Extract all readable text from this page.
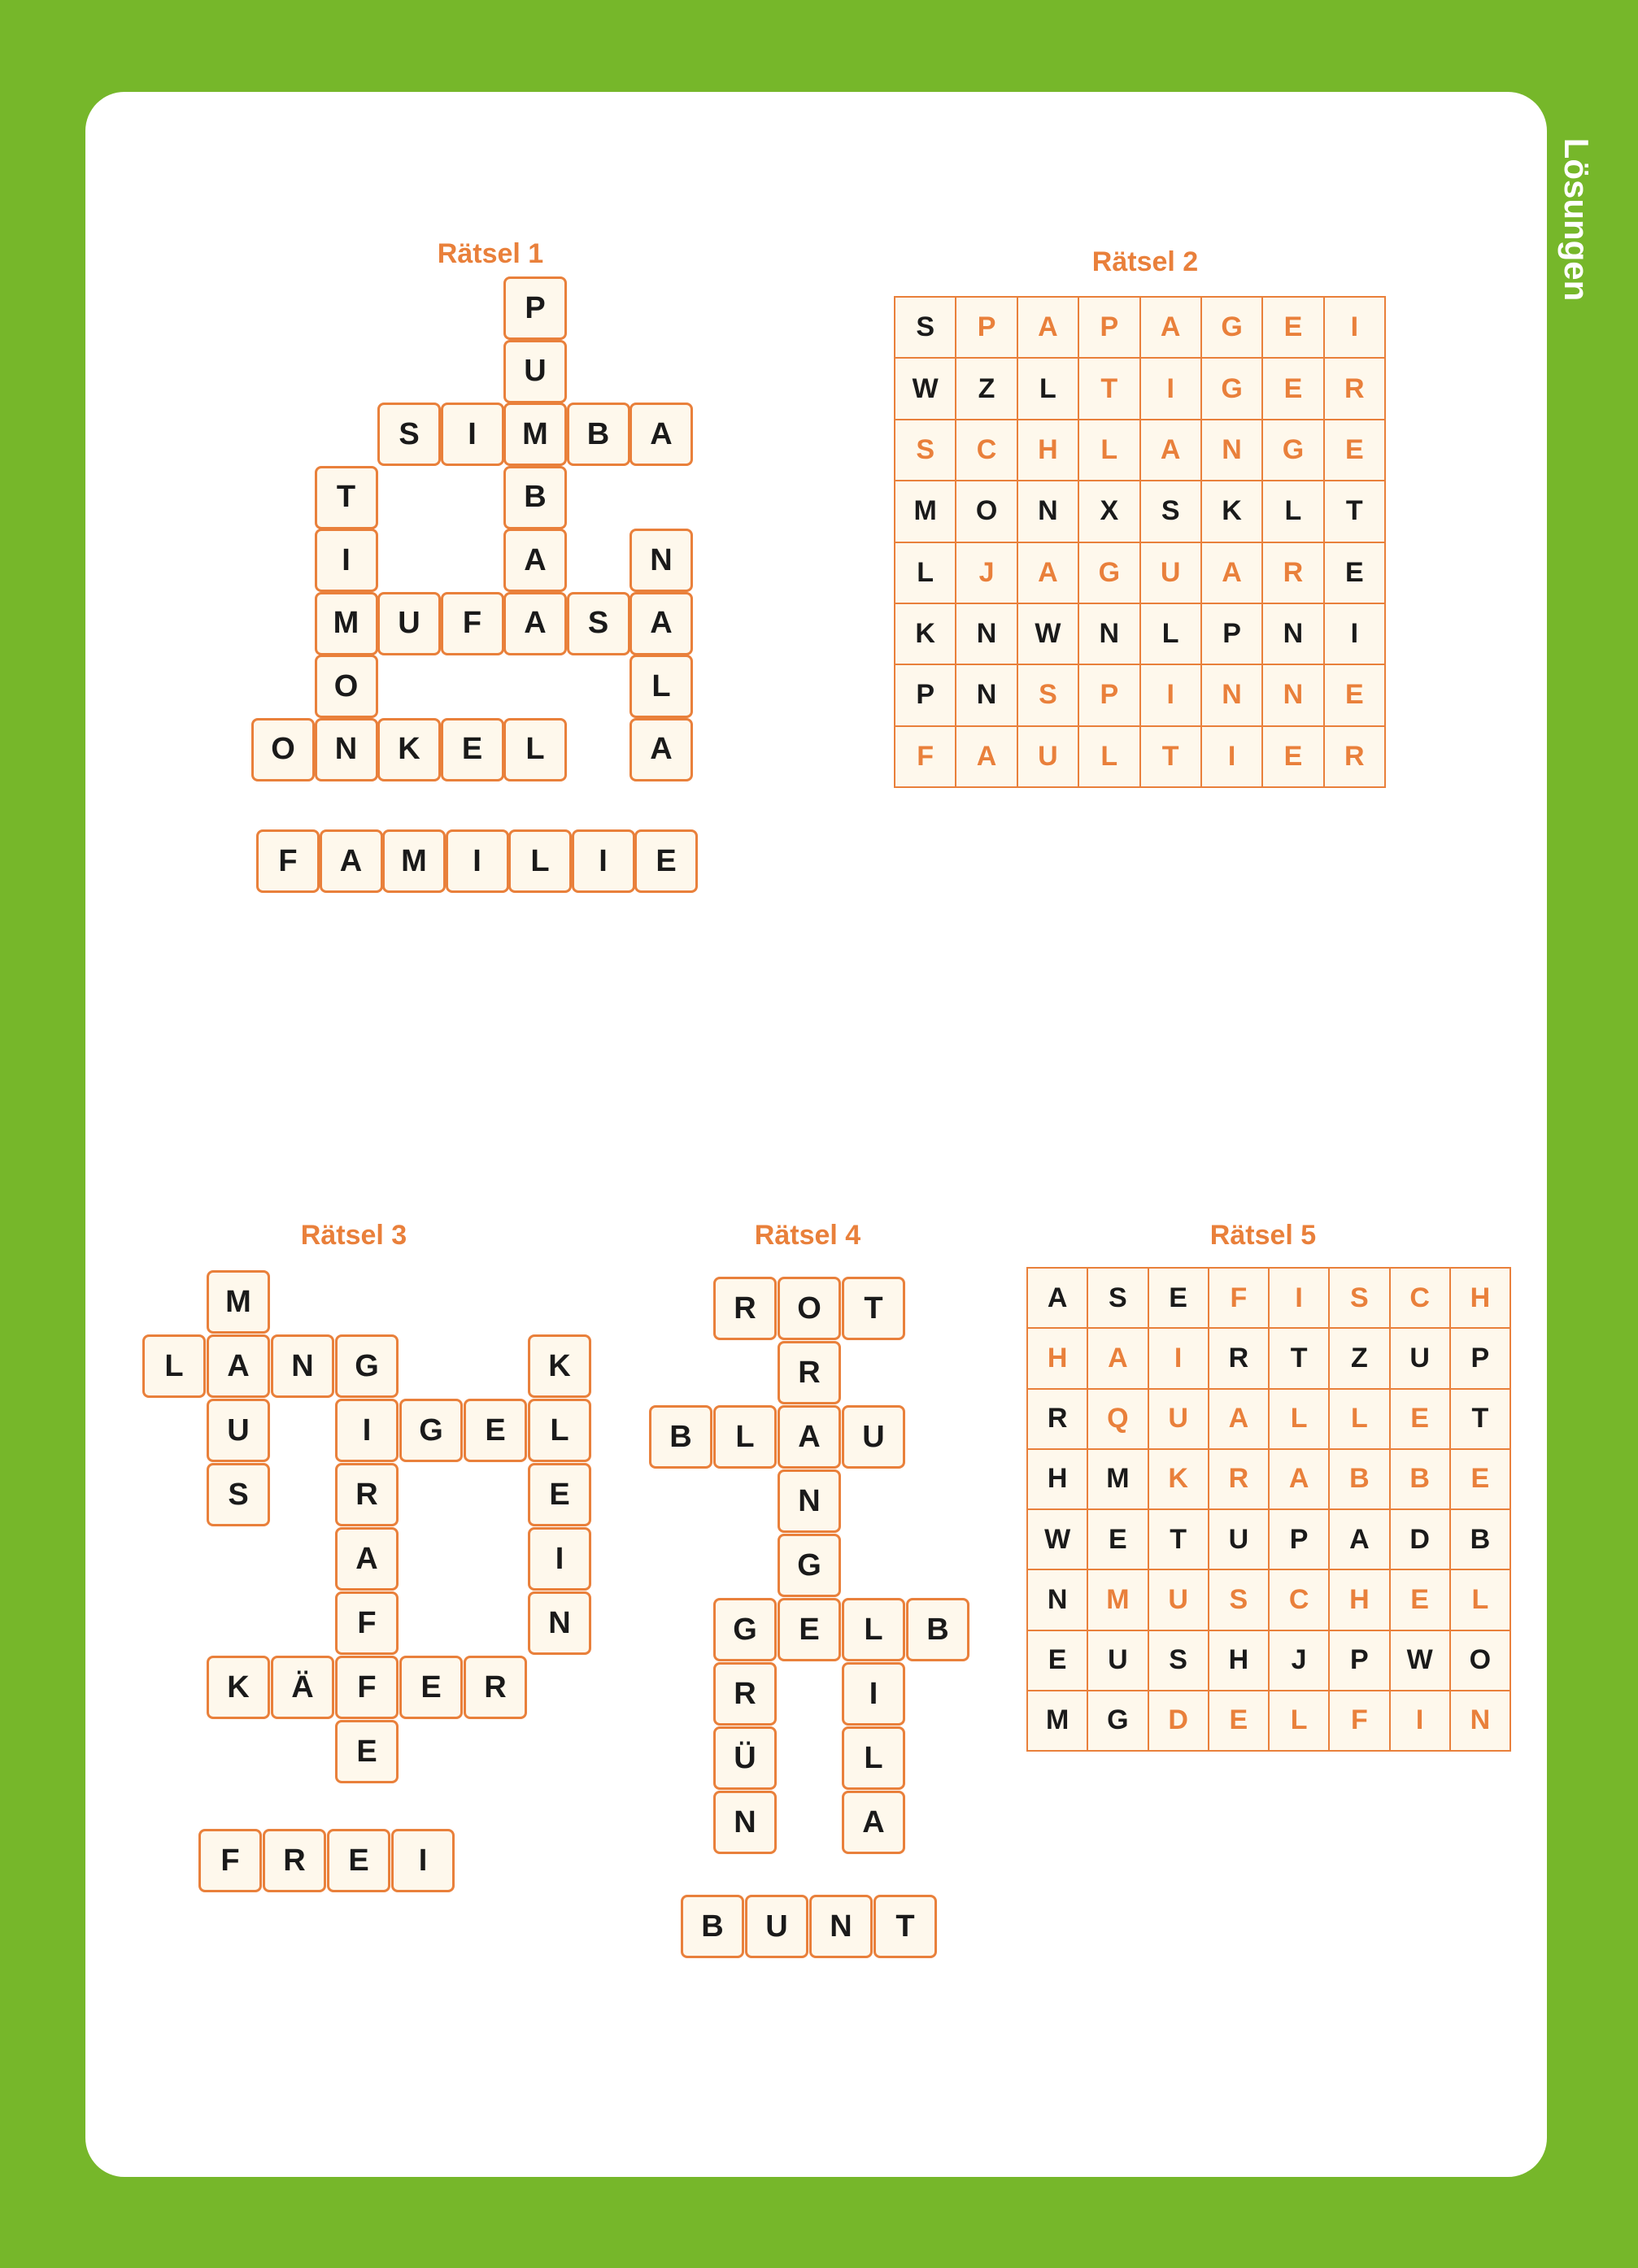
Lösungen
Rätsel 1
P
U
S	I	M	B	A
T	B
I	A	N
M	U	F	A	S	A
O	L
O	N	K	E	L	A
F	A	M	I	L	I	E
Rätsel 2
S	P	A	P	A	G	E	I
W	Z	L	T	I	G	E	R
S	C	H	L	A	N	G	E
M	O	N	X	S	K	L	T
L	J	A	G	U	A	R	E
K	N	W	N	L	P	N	I
P	N	S	P	I	N	N	E
F	A	U	L	T	I	E	R
Rätsel 3
M
L	A	N	G	K
U	I	G	E	L
S	R	E
A	I
F	N
K	Ä	F	E	R
E
F	R	E	I
Rätsel 4
R	O	T
R
B	L	A	U
N
G
G	E	L	B
R	I
Ü	L
N	A
B	U	N	T
Rätsel 5
A	S	E	F	I	S	C	H
H	A	I	R	T	Z	U	P
R	Q	U	A	L	L	E	T
H	M	K	R	A	B	B	E
W	E	T	U	P	A	D	B
N	M	U	S	C	H	E	L
E	U	S	H	J	P	W	O
M	G	D	E	L	F	I	N
